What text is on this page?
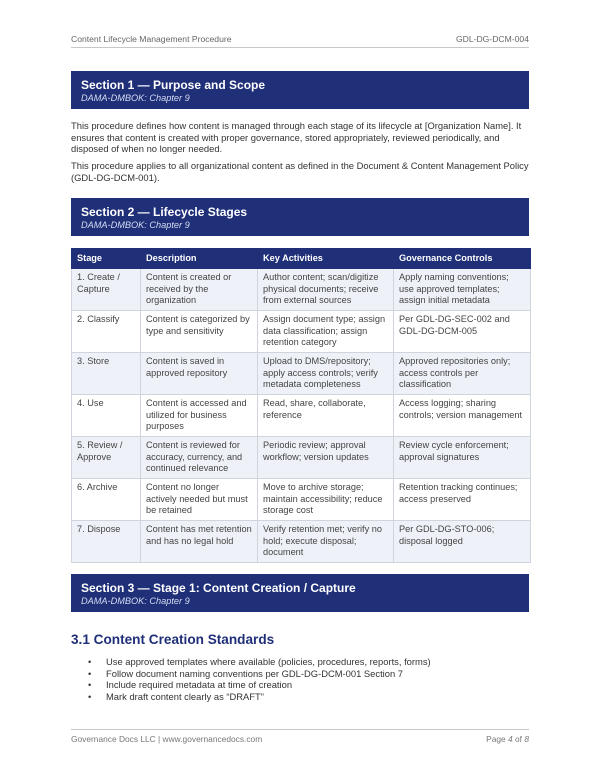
Content Lifecycle Management Procedure	GDL-DG-DCM-004
Section 1 — Purpose and Scope
DAMA-DMBOK: Chapter 9

This procedure defines how content is managed through each stage of its lifecycle at [Organization Name]. It ensures that content is created with proper governance, stored appropriately, reviewed periodically, and disposed of when no longer needed.

This procedure applies to all organizational content as defined in the Document & Content Management Policy (GDL-DG-DCM-001).

Section 2 — Lifecycle Stages
DAMA-DMBOK: Chapter 9
Stage	Description	Key Activities	Governance Controls
1. Create / Capture	Content is created or received by the organization	Author content; scan/digitize physical documents; receive from external sources	Apply naming conventions; use approved templates; assign initial metadata
2. Classify	Content is categorized by type and sensitivity	Assign document type; assign data classification; assign retention category	Per GDL-DG-SEC-002 and GDL-DG-DCM-005
3. Store	Content is saved in approved repository	Upload to DMS/repository; apply access controls; verify metadata completeness	Approved repositories only; access controls per classification
4. Use	Content is accessed and utilized for business purposes	Read, share, collaborate, reference	Access logging; sharing controls; version management
5. Review / Approve	Content is reviewed for accuracy, currency, and continued relevance	Periodic review; approval workflow; version updates	Review cycle enforcement; approval signatures
6. Archive	Content no longer actively needed but must be retained	Move to archive storage; maintain accessibility; reduce storage cost	Retention tracking continues; access preserved
7. Dispose	Content has met retention and has no legal hold	Verify retention met; verify no hold; execute disposal; document	Per GDL-DG-STO-006; disposal logged
Section 3 — Stage 1: Content Creation / Capture
DAMA-DMBOK: Chapter 9
3.1 Content Creation Standards
• Use approved templates where available (policies, procedures, reports, forms)
• Follow document naming conventions per GDL-DG-DCM-001 Section 7
• Include required metadata at time of creation
• Mark draft content clearly as “DRAFT”
Governance Docs LLC | www.governancedocs.com	Page 4 of 8
